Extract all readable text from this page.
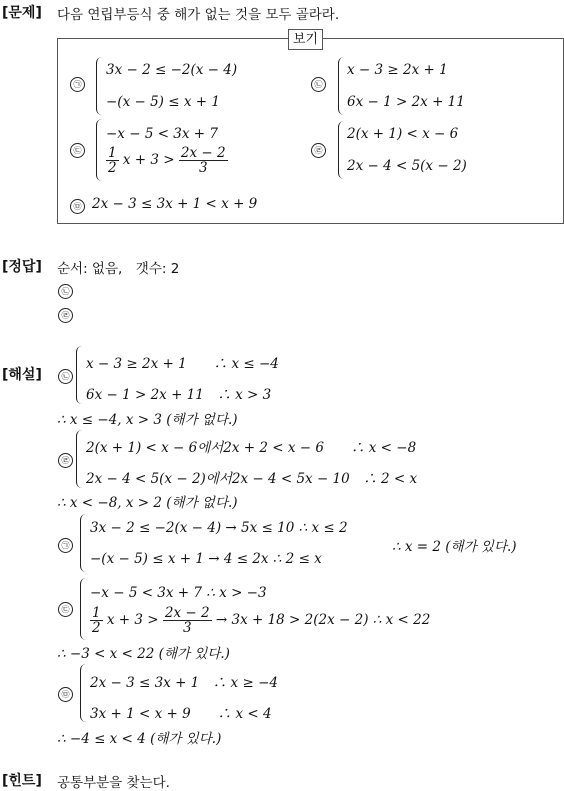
[문제] 다음 연립부등식 중 해가 없는 것을 모두 골라라.
보기
㉠
3x − 2 ≤ −2(x − 4)
−(x − 5) ≤ x + 1
㉡
x − 3 ≥ 2x + 1
6x − 1 > 2x + 11
㉢
−x − 5 < 3x + 7
$\frac{1}{2}$ $x + 3 > \frac{2x - 2}{3}$	㉣
2(x + 1) < x − 6
2x − 4 < 5(x − 2)
㉤ 2x − 3 ≤ 3x + 1 < x + 9
[정답] 순서: 없음,　갯수: 2
㉡
㉣
[해설]	㉡
x − 3 ≥ 2x + 1　　∴ x ≤ −4
6x − 1 > 2x + 11　∴ x > 3
∴ x ≤ −4, x > 3 (해가 없다.)
㉣
2(x + 1) < x − 6에서2x + 2 < x − 6　　∴ x < −8
2x − 4 < 5(x − 2)에서2x − 4 < 5x − 10　∴ 2 < x
∴ x < −8, x > 2 (해가 없다.)
㉠
3x − 2 ≤ −2(x − 4) → 5x ≤ 10 ∴ x ≤ 2
−(x − 5) ≤ x + 1 → 4 ≤ 2x ∴ 2 ≤ x
∴ x = 2 (해가 있다.)
㉢
−x − 5 < 3x + 7 ∴ x > −3
$\frac{1}{2}$ $x + 3 > \frac{2x - 2}{3} \to 3x + 18 > 2(2x - 2)$ ∴ x < 22
∴ −3 < x < 22 (해가 있다.)
㉤
2x − 3 ≤ 3x + 1　∴ x ≥ −4
3x + 1 < x + 9　　∴ x < 4
∴ −4 ≤ x < 4 (해가 있다.)
[힌트] 공통부분을 찾는다.
